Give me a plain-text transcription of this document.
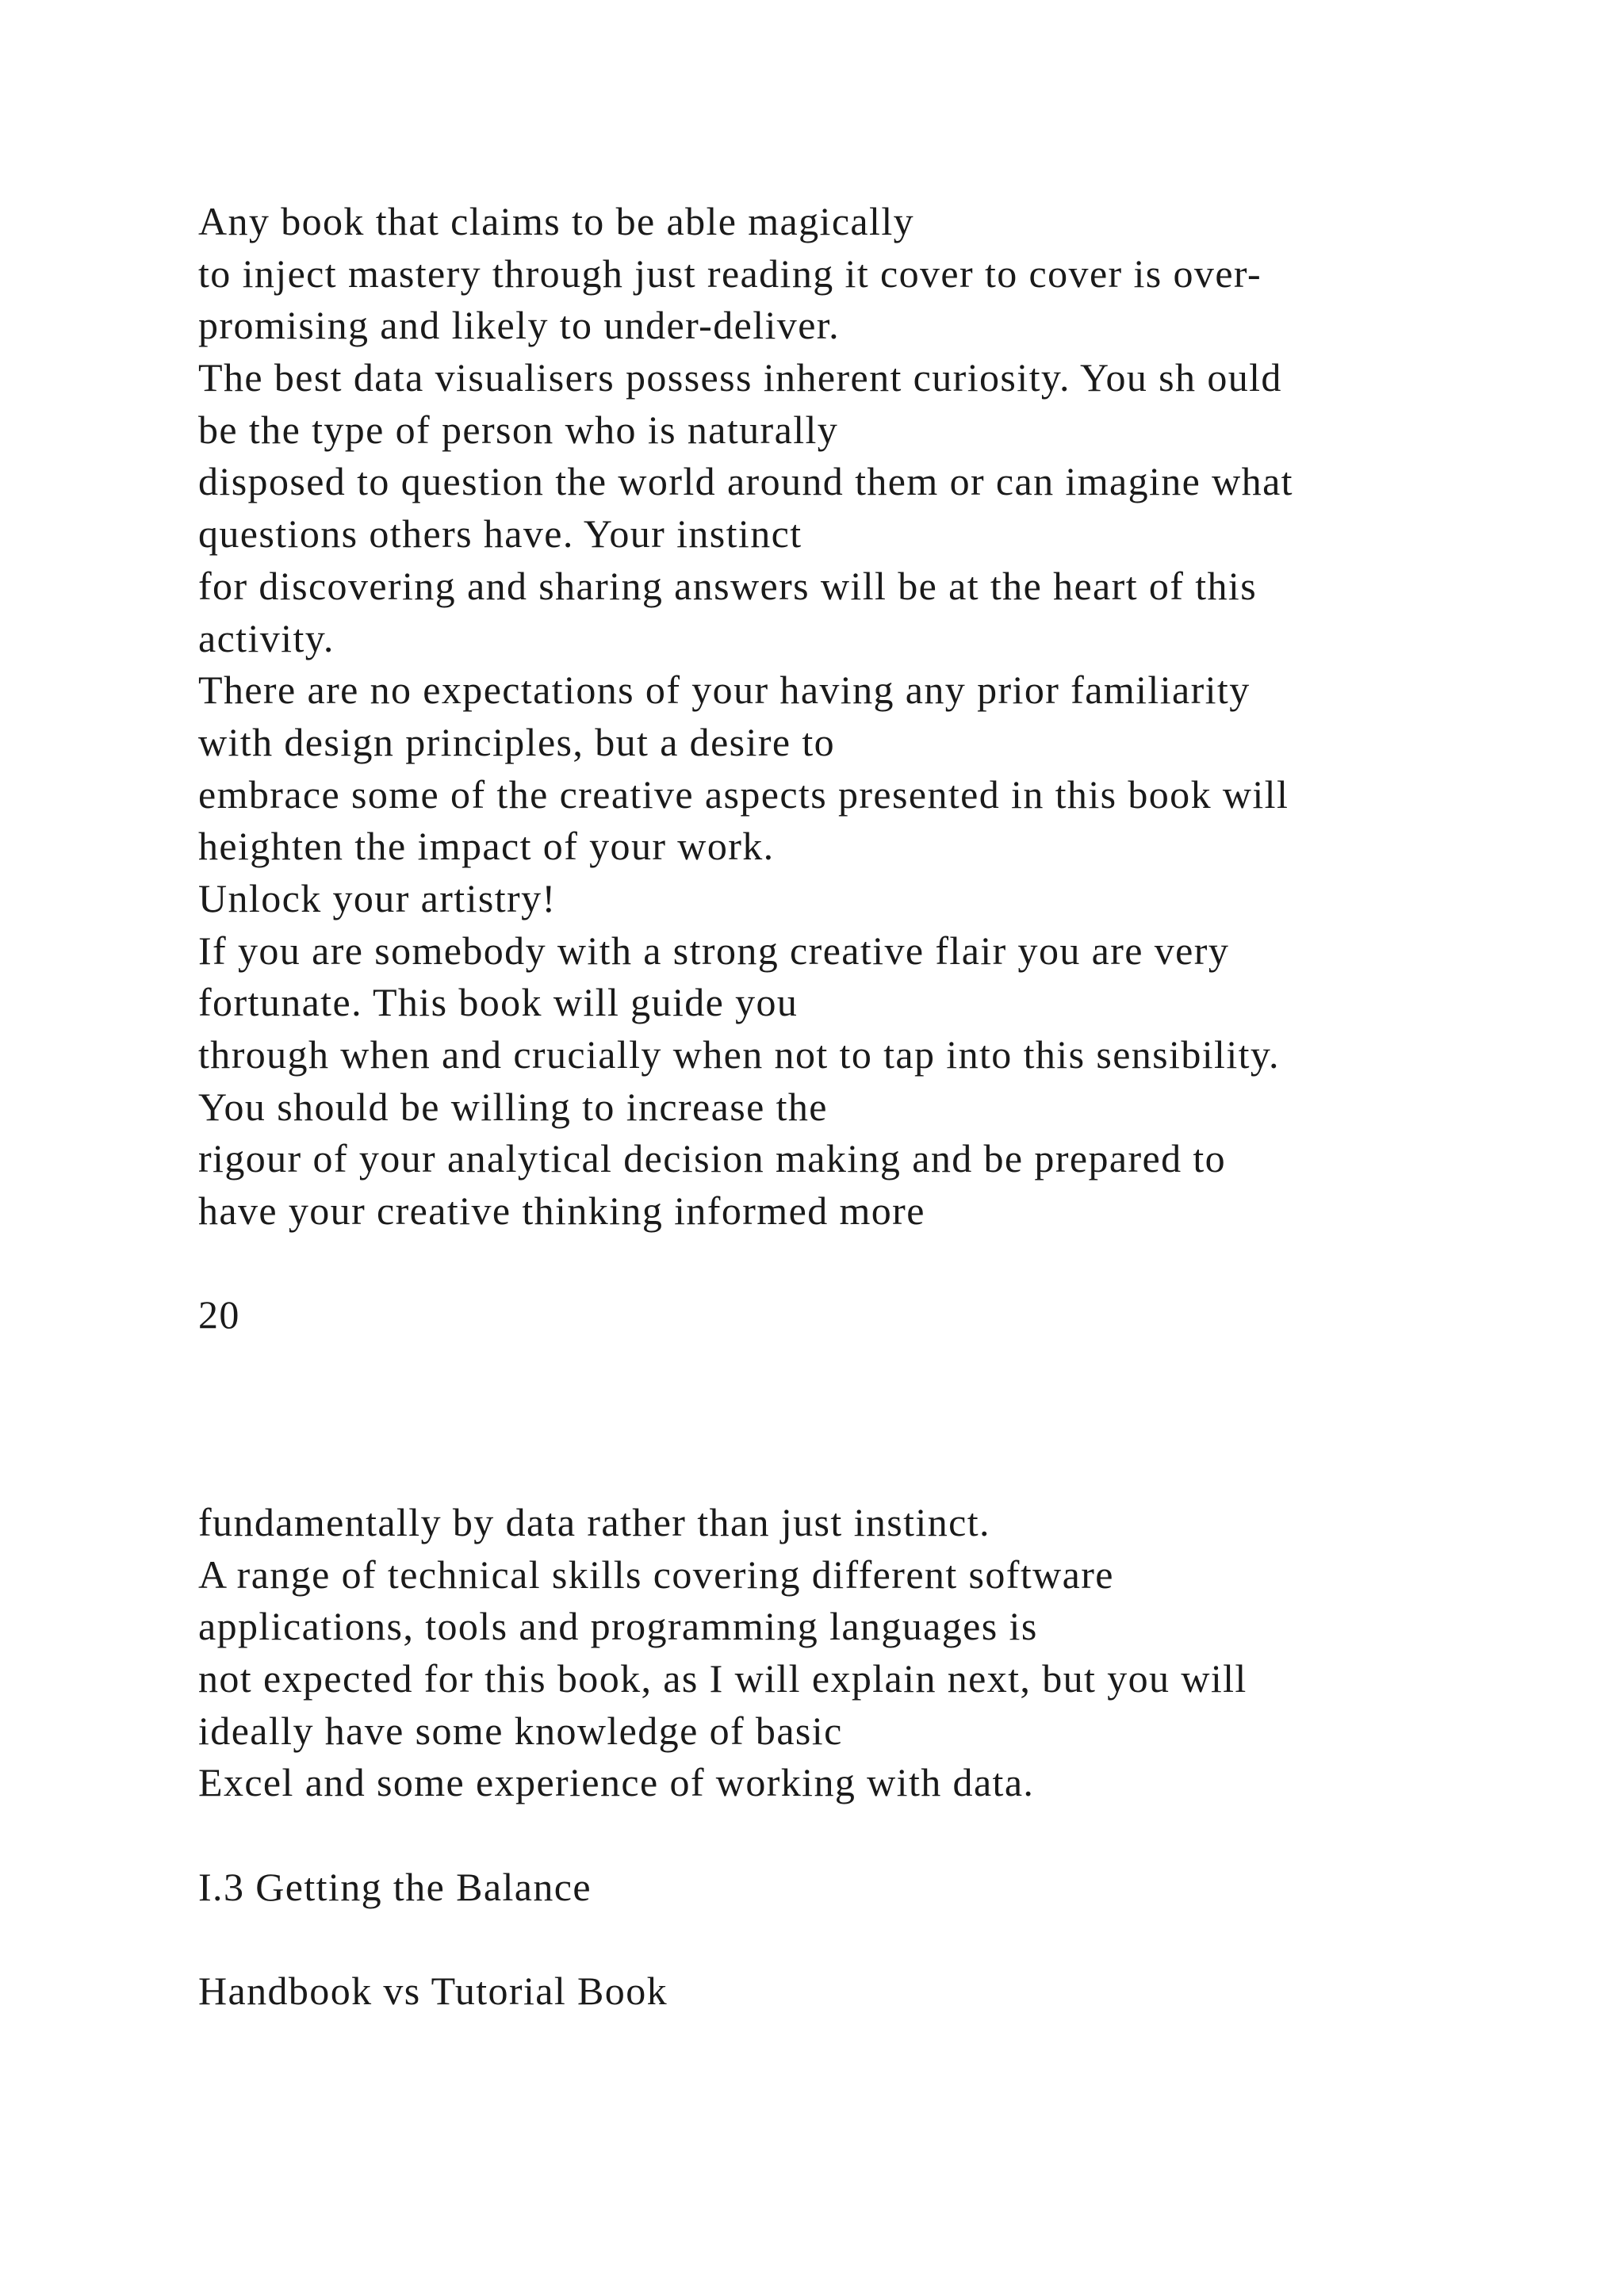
Any book that claims to be able magically
to inject mastery through just reading it cover to cover is over-
promising and likely to under-deliver.
The best data visualisers possess inherent curiosity. You sh ould
be the type of person who is naturally
disposed to question the world around them or can imagine what
questions others have. Your instinct
for discovering and sharing answers will be at the heart of this
activity.
There are no expectations of your having any prior familiarity
with design principles, but a desire to
embrace some of the creative aspects presented in this book will
heighten the impact of your work.
Unlock your artistry!
If you are somebody with a strong creative flair you are very
fortunate. This book will guide you
through when and crucially when not to tap into this sensibility.
You should be willing to increase the
rigour of your analytical decision making and be prepared to
have your creative thinking informed more
20
fundamentally by data rather than just instinct.
A range of technical skills covering different software
applications, tools and programming languages is
not expected for this book, as I will explain next, but you will
ideally have some knowledge of basic
Excel and some experience of working with data.
I.3 Getting the Balance
Handbook vs Tutorial Book
